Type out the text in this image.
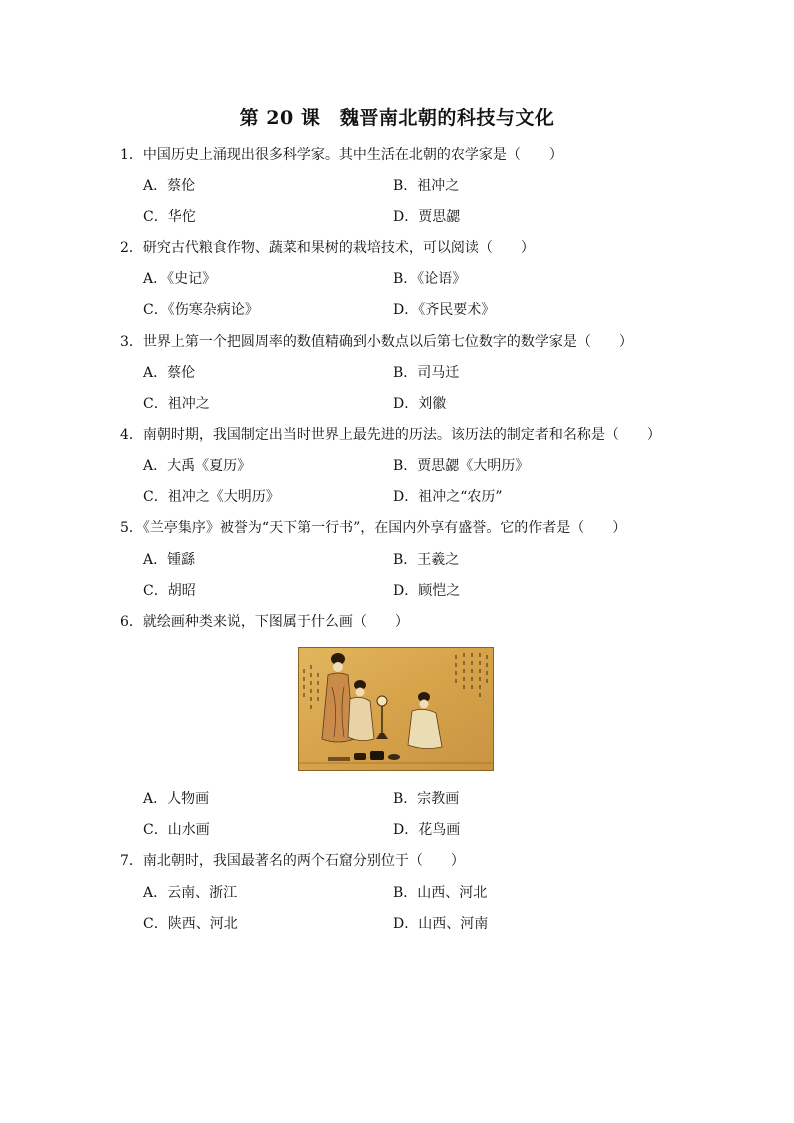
第 20 课　魏晋南北朝的科技与文化
1．中国历史上涌现出很多科学家。其中生活在北朝的农学家是（　　）
A．蔡伦	B．祖冲之
C．华佗	D．贾思勰
2．研究古代粮食作物、蔬菜和果树的栽培技术，可以阅读（　　）
A．《史记》	B．《论语》
C．《伤寒杂病论》	D．《齐民要术》
3．世界上第一个把圆周率的数值精确到小数点以后第七位数字的数学家是（　　）
A．蔡伦	B．司马迁
C．祖冲之	D．刘徽
4．南朝时期，我国制定出当时世界上最先进的历法。该历法的制定者和名称是（　　）
A．大禹《夏历》	B．贾思勰《大明历》
C．祖冲之《大明历》	D．祖冲之“农历”
5．《兰亭集序》被誉为“天下第一行书”，在国内外享有盛誉。它的作者是（　　）
A．锺繇	B．王羲之
C．胡昭	D．顾恺之
6．就绘画种类来说，下图属于什么画（　　）
A．人物画	B．宗教画
C．山水画	D．花鸟画
7．南北朝时，我国最著名的两个石窟分别位于（　　）
A．云南、浙江	B．山西、河北
C．陕西、河北	D．山西、河南
